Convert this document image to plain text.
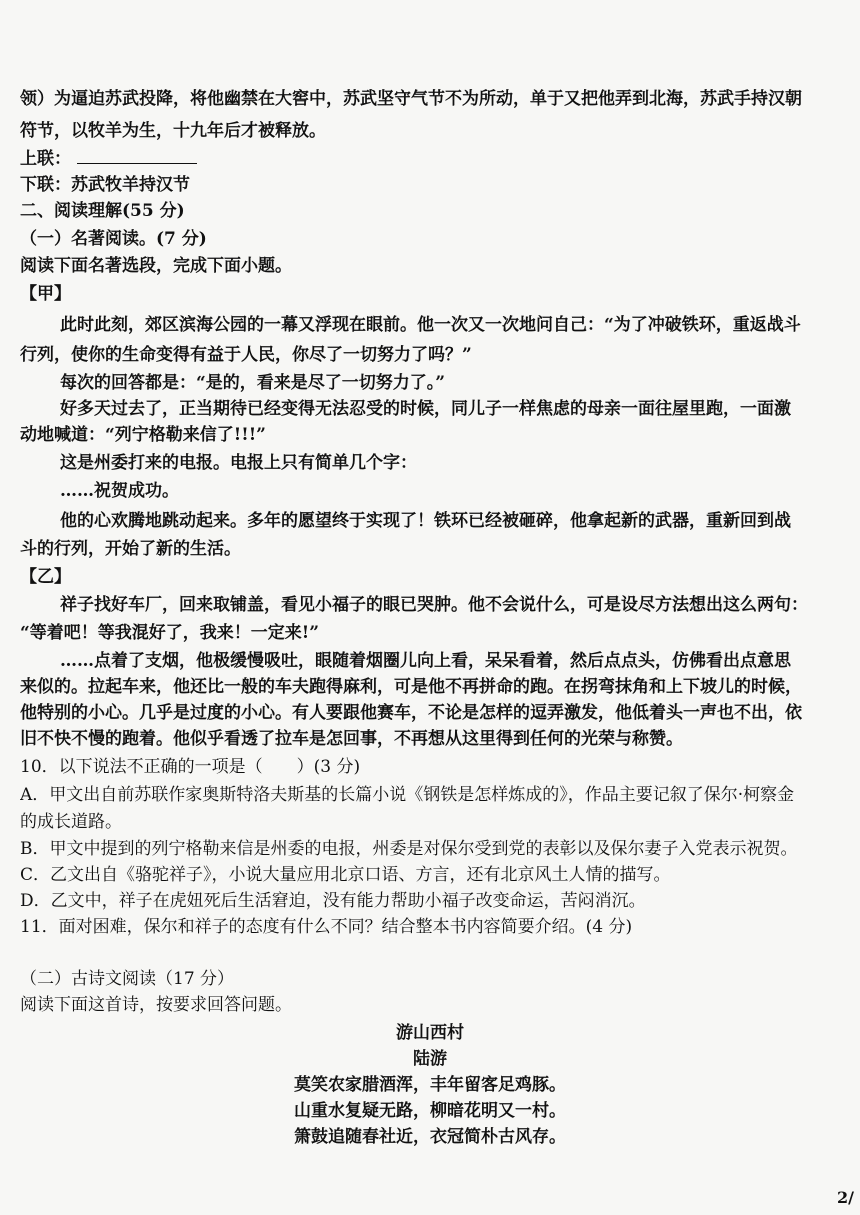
领）为逼迫苏武投降，将他幽禁在大窖中，苏武坚守气节不为所动，单于又把他弄到北海，苏武手持汉朝
符节，以牧羊为生，十九年后才被释放。
上联：
下联：苏武牧羊持汉节
二、阅读理解(55 分)
（一）名著阅读。(7 分)
阅读下面名著选段，完成下面小题。
【甲】
此时此刻，郊区滨海公园的一幕又浮现在眼前。他一次又一次地问自己：“为了冲破铁环，重返战斗
行列，使你的生命变得有益于人民，你尽了一切努力了吗？”
每次的回答都是：“是的，看来是尽了一切努力了。”
好多天过去了，正当期待已经变得无法忍受的时候，同儿子一样焦虑的母亲一面往屋里跑，一面激
动地喊道：“列宁格勒来信了!!!”
这是州委打来的电报。电报上只有简单几个字：
……祝贺成功。
他的心欢腾地跳动起来。多年的愿望终于实现了！铁环已经被砸碎，他拿起新的武器，重新回到战
斗的行列，开始了新的生活。
【乙】
祥子找好车厂，回来取铺盖，看见小福子的眼已哭肿。他不会说什么，可是设尽方法想出这么两句：
“等着吧！等我混好了，我来！一定来!”
……点着了支烟，他极缓慢吸吐，眼随着烟圈儿向上看，呆呆看着，然后点点头，仿佛看出点意思
来似的。拉起车来，他还比一般的车夫跑得麻利，可是他不再拼命的跑。在拐弯抹角和上下坡儿的时候，
他特别的小心。几乎是过度的小心。有人要跟他赛车，不论是怎样的逗弄激发，他低着头一声也不出，依
旧不快不慢的跑着。他似乎看透了拉车是怎回事，不再想从这里得到任何的光荣与称赞。
10．以下说法不正确的一项是（　　）(3 分)
A．甲文出自前苏联作家奥斯特洛夫斯基的长篇小说《钢铁是怎样炼成的》，作品主要记叙了保尔·柯察金
的成长道路。
B．甲文中提到的列宁格勒来信是州委的电报，州委是对保尔受到党的表彰以及保尔妻子入党表示祝贺。
C．乙文出自《骆驼祥子》，小说大量应用北京口语、方言，还有北京风土人情的描写。
D．乙文中，祥子在虎妞死后生活窘迫，没有能力帮助小福子改变命运，苦闷消沉。
11．面对困难，保尔和祥子的态度有什么不同？结合整本书内容简要介绍。(4 分)
（二）古诗文阅读（17 分）
阅读下面这首诗，按要求回答问题。
游山西村
陆游
莫笑农家腊酒浑，丰年留客足鸡豚。
山重水复疑无路，柳暗花明又一村。
箫鼓追随春社近，衣冠简朴古风存。
2/
